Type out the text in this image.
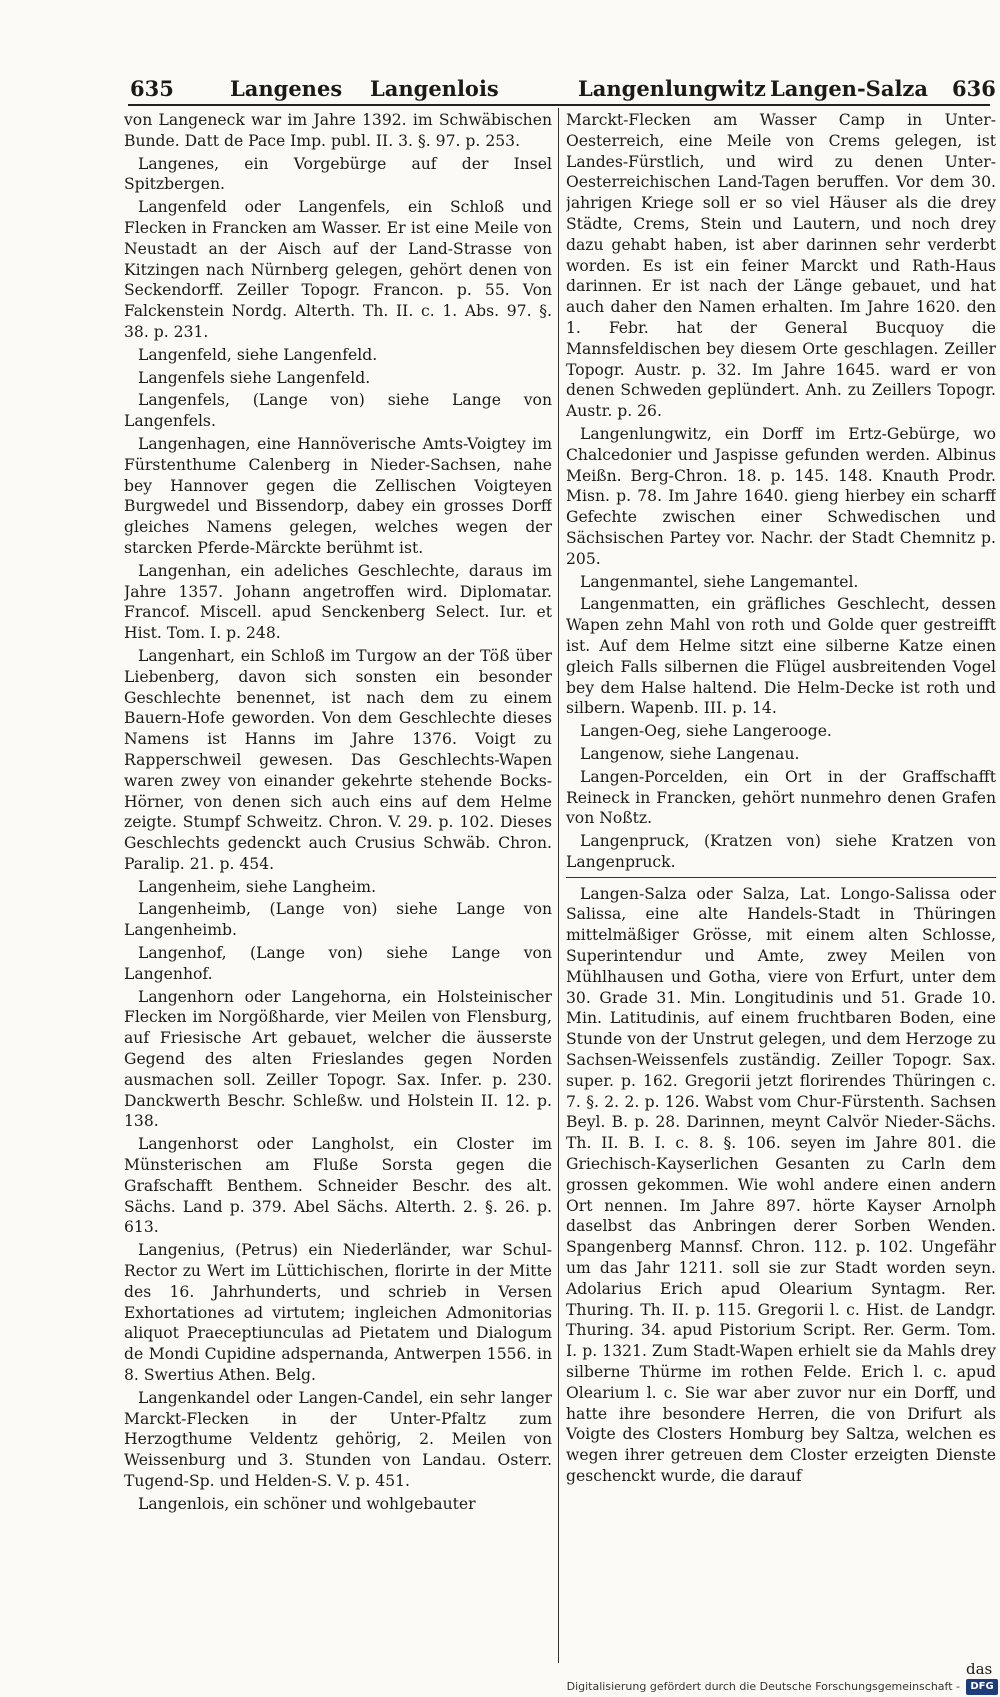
635	Langenes Langenlois	Langenlungwitz Langen-Salza 636

von Langeneck war im Jahre 1392. im Schwäbischen Bunde. Datt de Pace Imp. publ. II. 3. §. 97. p. 253.

Langenes, ein Vorgebürge auf der Insel Spitzbergen.

Langenfeld oder Langenfels, ein Schloß und Flecken in Francken am Wasser. Er ist eine Meile von Neustadt an der Aisch auf der Land-Strasse von Kitzingen nach Nürnberg gelegen, gehört denen von Seckendorff. Zeiller Topogr. Francon. p. 55. Von Falckenstein Nordg. Alterth. Th. II. c. 1. Abs. 97. §. 38. p. 231.

Langenfeld, siehe Langenfeld.

Langenfels siehe Langenfeld.

Langenfels, (Lange von) siehe Lange von Langenfels.

Langenhagen, eine Hannöverische Amts-Voigtey im Fürstenthume Calenberg in Nieder-Sachsen, nahe bey Hannover gegen die Zellischen Voigteyen Burgwedel und Bissendorp, dabey ein grosses Dorff gleiches Namens gelegen, welches wegen der starcken Pferde-Märckte berühmt ist.

Langenhan, ein adeliches Geschlechte, daraus im Jahre 1357. Johann angetroffen wird. Diplomatar. Francof. Miscell. apud Senckenberg Select. Iur. et Hist. Tom. I. p. 248.

Langenhart, ein Schloß im Turgow an der Töß über Liebenberg, davon sich sonsten ein besonder Geschlechte benennet, ist nach dem zu einem Bauern-Hofe geworden. Von dem Geschlechte dieses Namens ist Hanns im Jahre 1376. Voigt zu Rapperschweil gewesen. Das Geschlechts-Wapen waren zwey von einander gekehrte stehende Bocks-Hörner, von denen sich auch eins auf dem Helme zeigte. Stumpf Schweitz. Chron. V. 29. p. 102. Dieses Geschlechts gedenckt auch Crusius Schwäb. Chron. Paralip. 21. p. 454.

Langenheim, siehe Langheim.

Langenheimb, (Lange von) siehe Lange von Langenheimb.

Langenhof, (Lange von) siehe Lange von Langenhof.

Langenhorn oder Langehorna, ein Holsteinischer Flecken im Norgößharde, vier Meilen von Flensburg, auf Friesische Art gebauet, welcher die äusserste Gegend des alten Frieslandes gegen Norden ausmachen soll. Zeiller Topogr. Sax. Infer. p. 230. Danckwerth Beschr. Schleßw. und Holstein II. 12. p. 138.

Langenhorst oder Langholst, ein Closter im Münsterischen am Fluße Sorsta gegen die Grafschafft Benthem. Schneider Beschr. des alt. Sächs. Land p. 379. Abel Sächs. Alterth. 2. §. 26. p. 613.

Langenius, (Petrus) ein Niederländer, war Schul-Rector zu Wert im Lüttichischen, florirte in der Mitte des 16. Jahrhunderts, und schrieb in Versen Exhortationes ad virtutem; ingleichen Admonitorias aliquot Praeceptiunculas ad Pietatem und Dialogum de Mondi Cupidine adspernanda, Antwerpen 1556. in 8. Swertius Athen. Belg.

Langenkandel oder Langen-Candel, ein sehr langer Marckt-Flecken in der Unter-Pfaltz zum Herzogthume Veldentz gehörig, 2. Meilen von Weissenburg und 3. Stunden von Landau. Osterr. Tugend-Sp. und Helden-S. V. p. 451.

Langenlois, ein schöner und wohlgebauter

Marckt-Flecken am Wasser Camp in Unter-Oesterreich, eine Meile von Crems gelegen, ist Landes-Fürstlich, und wird zu denen Unter-Oesterreichischen Land-Tagen beruffen. Vor dem 30. jahrigen Kriege soll er so viel Häuser als die drey Städte, Crems, Stein und Lautern, und noch drey dazu gehabt haben, ist aber darinnen sehr verderbt worden. Es ist ein feiner Marckt und Rath-Haus darinnen. Er ist nach der Länge gebauet, und hat auch daher den Namen erhalten. Im Jahre 1620. den 1. Febr. hat der General Bucquoy die Mannsfeldischen bey diesem Orte geschlagen. Zeiller Topogr. Austr. p. 32. Im Jahre 1645. ward er von denen Schweden geplündert. Anh. zu Zeillers Topogr. Austr. p. 26.

Langenlungwitz, ein Dorff im Ertz-Gebürge, wo Chalcedonier und Jaspisse gefunden werden. Albinus Meißn. Berg-Chron. 18. p. 145. 148. Knauth Prodr. Misn. p. 78. Im Jahre 1640. gieng hierbey ein scharff Gefechte zwischen einer Schwedischen und Sächsischen Partey vor. Nachr. der Stadt Chemnitz p. 205.

Langenmantel, siehe Langemantel.

Langenmatten, ein gräfliches Geschlecht, dessen Wapen zehn Mahl von roth und Golde quer gestreifft ist. Auf dem Helme sitzt eine silberne Katze einen gleich Falls silbernen die Flügel ausbreitenden Vogel bey dem Halse haltend. Die Helm-Decke ist roth und silbern. Wapenb. III. p. 14.

Langen-Oeg, siehe Langerooge.

Langenow, siehe Langenau.

Langen-Porcelden, ein Ort in der Graffschafft Reineck in Francken, gehört nunmehro denen Grafen von Noßtz.

Langenpruck, (Kratzen von) siehe Kratzen von Langenpruck.

Langen-Salza oder Salza, Lat. Longo-Salissa oder Salissa, eine alte Handels-Stadt in Thüringen mittelmäßiger Grösse, mit einem alten Schlosse, Superintendur und Amte, zwey Meilen von Mühlhausen und Gotha, viere von Erfurt, unter dem 30. Grade 31. Min. Longitudinis und 51. Grade 10. Min. Latitudinis, auf einem fruchtbaren Boden, eine Stunde von der Unstrut gelegen, und dem Herzoge zu Sachsen-Weissenfels zuständig. Zeiller Topogr. Sax. super. p. 162. Gregorii jetzt florirendes Thüringen c. 7. §. 2. 2. p. 126. Wabst vom Chur-Fürstenth. Sachsen Beyl. B. p. 28. Darinnen, meynt Calvör Nieder-Sächs. Th. II. B. I. c. 8. §. 106. seyen im Jahre 801. die Griechisch-Kayserlichen Gesanten zu Carln dem grossen gekommen. Wie wohl andere einen andern Ort nennen. Im Jahre 897. hörte Kayser Arnolph daselbst das Anbringen derer Sorben Wenden. Spangenberg Mannsf. Chron. 112. p. 102. Ungefähr um das Jahr 1211. soll sie zur Stadt worden seyn. Adolarius Erich apud Olearium Syntagm. Rer. Thuring. Th. II. p. 115. Gregorii l. c. Hist. de Landgr. Thuring. 34. apud Pistorium Script. Rer. Germ. Tom. I. p. 1321. Zum Stadt-Wapen erhielt sie da Mahls drey silberne Thürme im rothen Felde. Erich l. c. apud Olearium l. c. Sie war aber zuvor nur ein Dorff, und hatte ihre besondere Herren, die von Drifurt als Voigte des Closters Homburg bey Saltza, welchen es wegen ihrer getreuen dem Closter erzeigten Dienste geschenckt wurde, die darauf

das
Digitalisierung gefördert durch die Deutsche Forschungsgemeinschaft -	DFG
